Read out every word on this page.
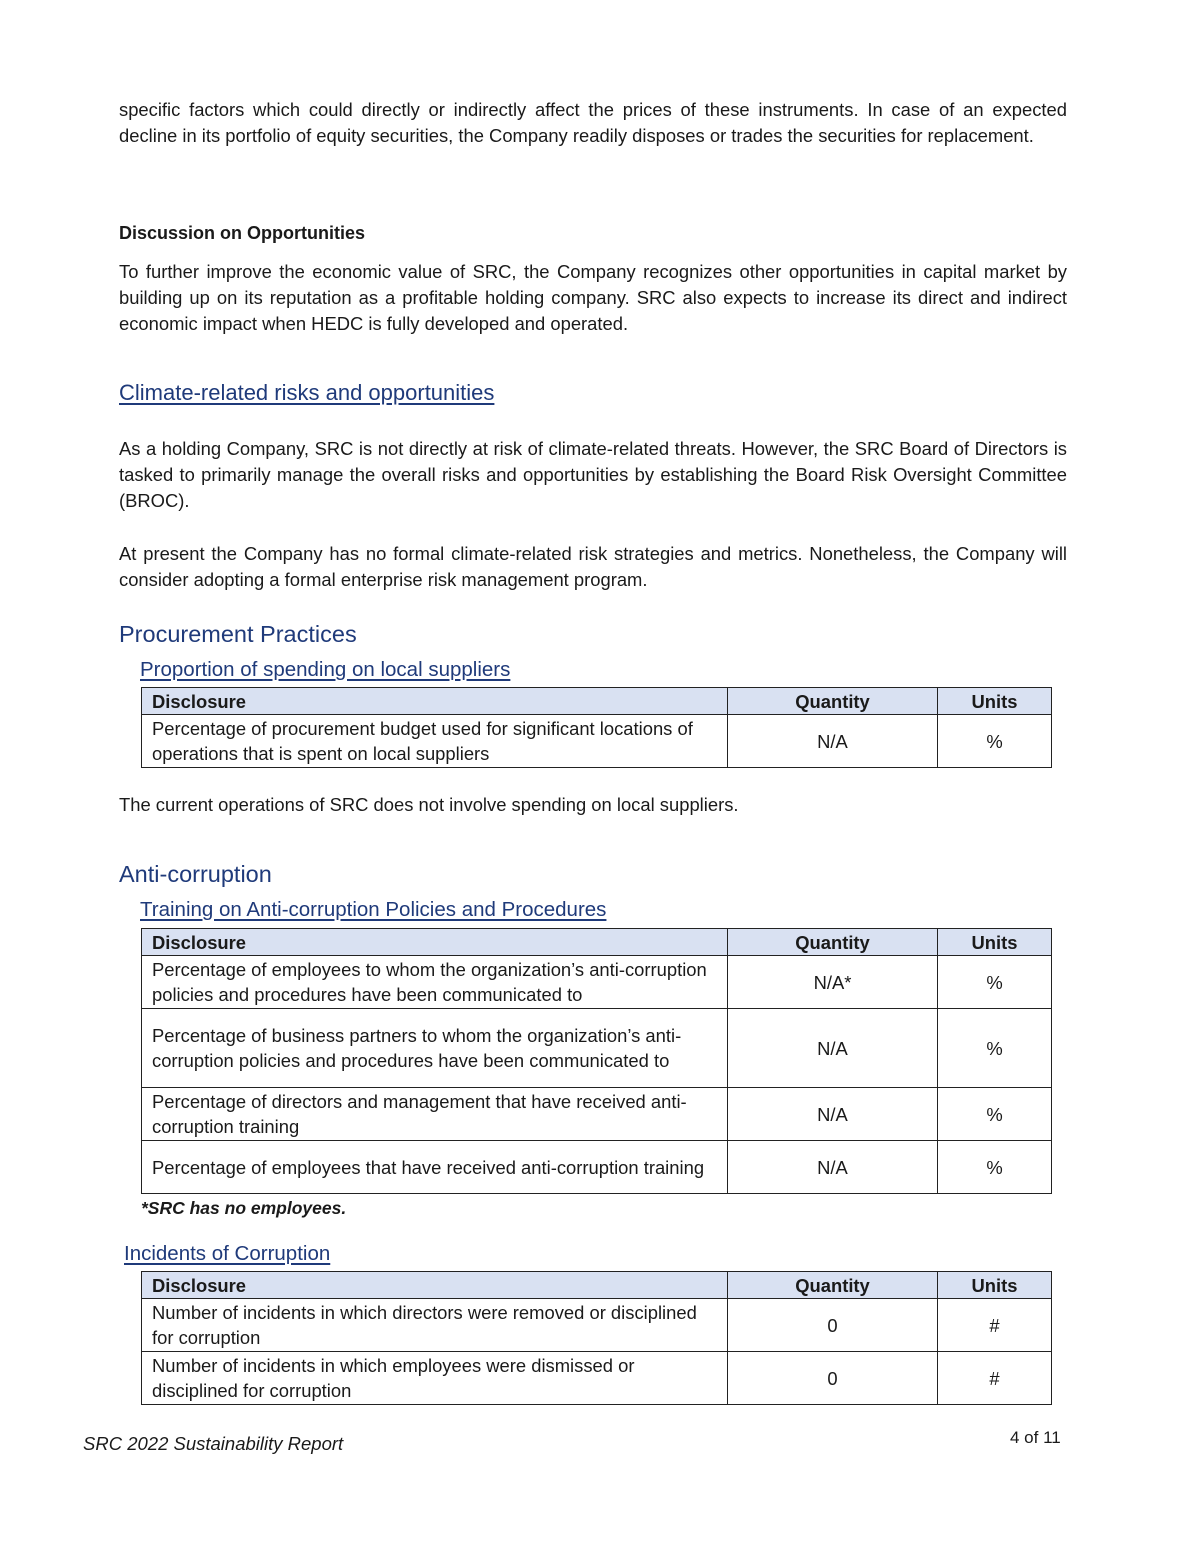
specific factors which could directly or indirectly affect the prices of these instruments. In case of an expected decline in its portfolio of equity securities, the Company readily disposes or trades the securities for replacement.

Discussion on Opportunities

To further improve the economic value of SRC, the Company recognizes other opportunities in capital market by building up on its reputation as a profitable holding company. SRC also expects to increase its direct and indirect economic impact when HEDC is fully developed and operated.

Climate-related risks and opportunities

As a holding Company, SRC is not directly at risk of climate-related threats. However, the SRC Board of Directors is tasked to primarily manage the overall risks and opportunities by establishing the Board Risk Oversight Committee (BROC).

At present the Company has no formal climate-related risk strategies and metrics. Nonetheless, the Company will consider adopting a formal enterprise risk management program.

Procurement Practices
Proportion of spending on local suppliers
Disclosure	Quantity	Units
Percentage of procurement budget used for significant locations of operations that is spent on local suppliers	N/A	%

The current operations of SRC does not involve spending on local suppliers.

Anti-corruption
Training on Anti-corruption Policies and Procedures
Disclosure	Quantity	Units
Percentage of employees to whom the organization’s anti-corruption policies and procedures have been communicated to	N/A*	%
Percentage of business partners to whom the organization’s anti-corruption policies and procedures have been communicated to	N/A	%
Percentage of directors and management that have received anti-corruption training	N/A	%
Percentage of employees that have received anti-corruption training	N/A	%

*SRC has no employees.

Incidents of Corruption
Disclosure	Quantity	Units
Number of incidents in which directors were removed or disciplined for corruption	0	#
Number of incidents in which employees were dismissed or disciplined for corruption	0	#

SRC 2022 Sustainability Report	4 of 11
